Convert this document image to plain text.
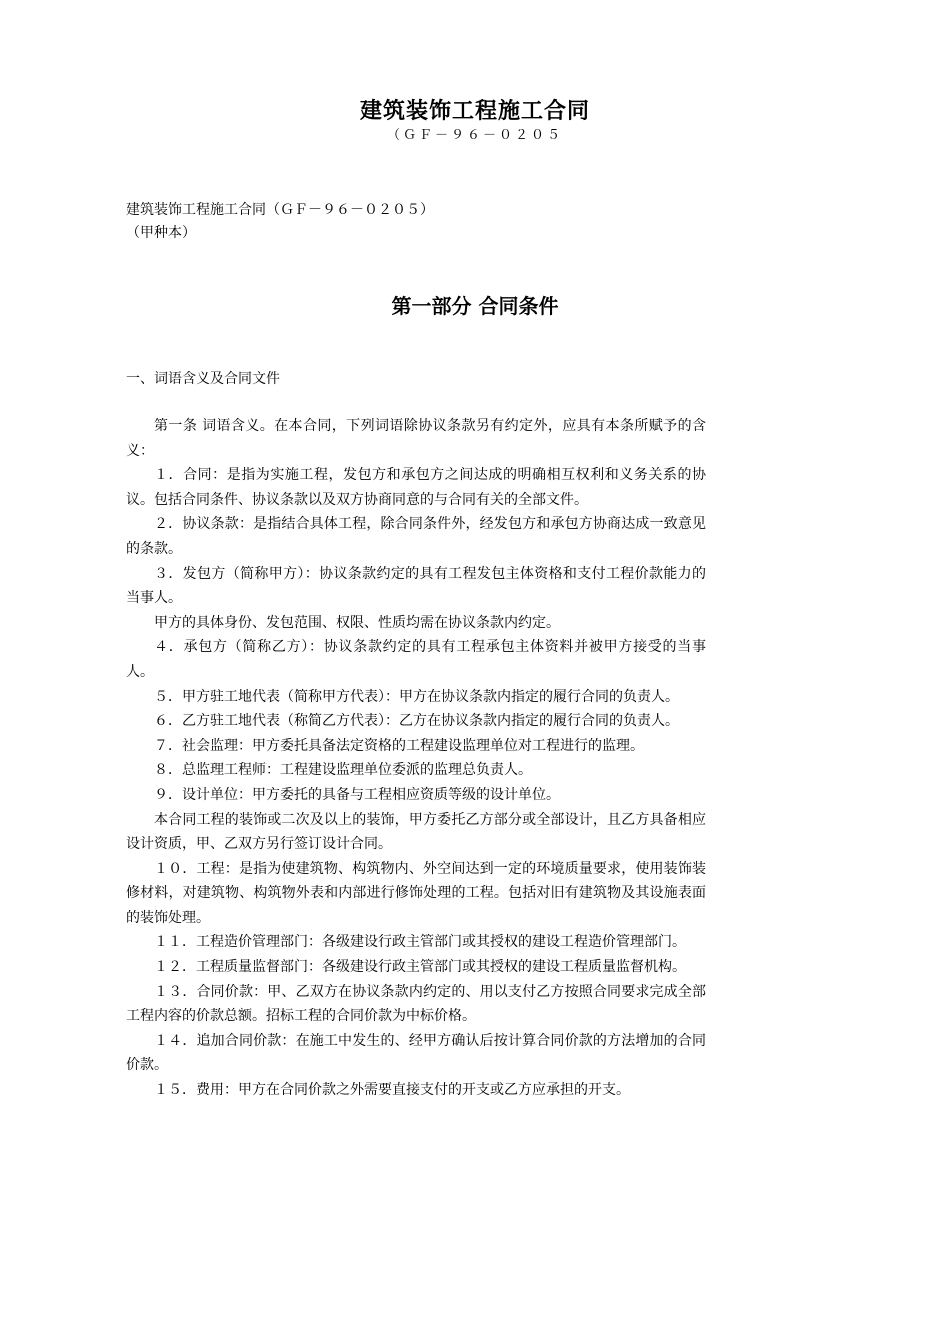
建筑装饰工程施工合同
（ＧＦ－９６－０２０５
建筑装饰工程施工合同（ＧＦ－９６－０２０５）
（甲种本）
第一部分 合同条件
一、词语含义及合同文件

第一条 词语含义。在本合同，下列词语除协议条款另有约定外，应具有本条所赋予的含义：

１．合同：是指为实施工程，发包方和承包方之间达成的明确相互权利和义务关系的协议。包括合同条件、协议条款以及双方协商同意的与合同有关的全部文件。

２．协议条款：是指结合具体工程，除合同条件外，经发包方和承包方协商达成一致意见的条款。

３．发包方（简称甲方）：协议条款约定的具有工程发包主体资格和支付工程价款能力的当事人。

甲方的具体身份、发包范围、权限、性质均需在协议条款内约定。

４．承包方（简称乙方）：协议条款约定的具有工程承包主体资料并被甲方接受的当事人。

５．甲方驻工地代表（简称甲方代表）：甲方在协议条款内指定的履行合同的负责人。

６．乙方驻工地代表（称简乙方代表）：乙方在协议条款内指定的履行合同的负责人。

７．社会监理：甲方委托具备法定资格的工程建设监理单位对工程进行的监理。

８．总监理工程师：工程建设监理单位委派的监理总负责人。

９．设计单位：甲方委托的具备与工程相应资质等级的设计单位。

本合同工程的装饰或二次及以上的装饰，甲方委托乙方部分或全部设计，且乙方具备相应设计资质，甲、乙双方另行签订设计合同。

１０．工程：是指为使建筑物、构筑物内、外空间达到一定的环境质量要求，使用装饰装修材料，对建筑物、构筑物外表和内部进行修饰处理的工程。包括对旧有建筑物及其设施表面的装饰处理。

１１．工程造价管理部门：各级建设行政主管部门或其授权的建设工程造价管理部门。

１２．工程质量监督部门：各级建设行政主管部门或其授权的建设工程质量监督机构。

１３．合同价款：甲、乙双方在协议条款内约定的、用以支付乙方按照合同要求完成全部工程内容的价款总额。招标工程的合同价款为中标价格。

１４．追加合同价款：在施工中发生的、经甲方确认后按计算合同价款的方法增加的合同价款。

１５．费用：甲方在合同价款之外需要直接支付的开支或乙方应承担的开支。
